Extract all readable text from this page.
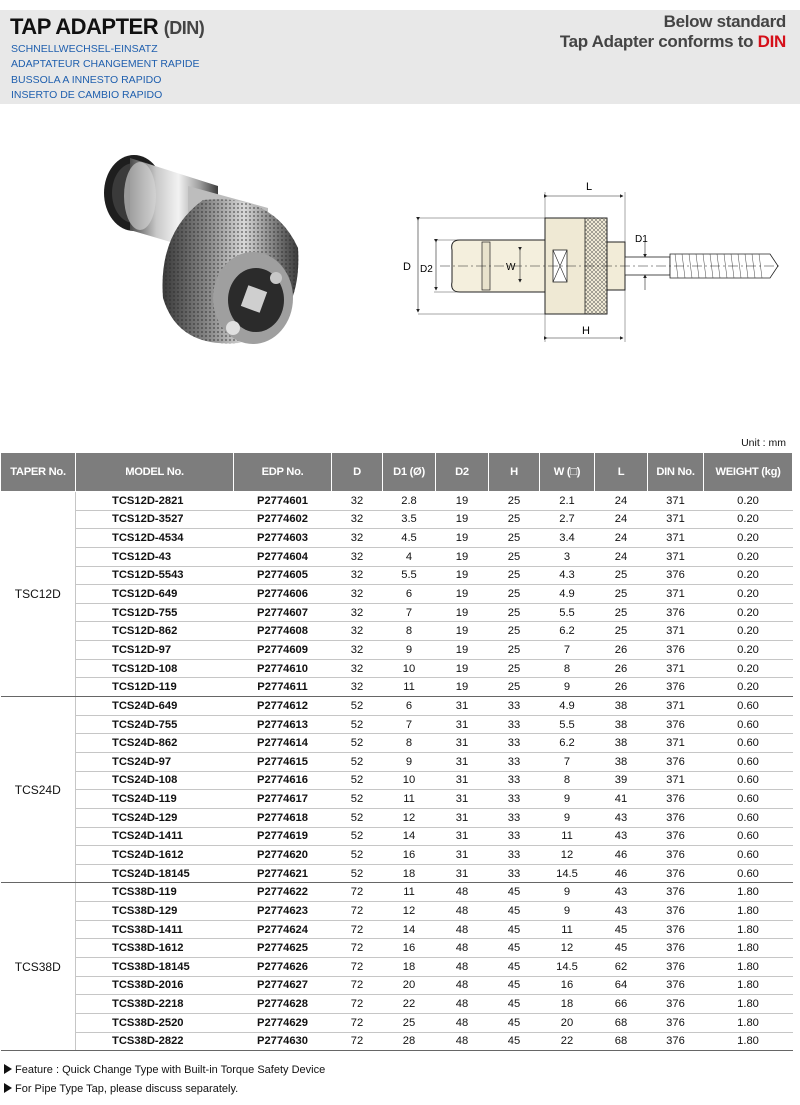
TAP ADAPTER (DIN)
SCHNELLWECHSEL-EINSATZ
ADAPTATEUR CHANGEMENT RAPIDE
BUSSOLA A INNESTO RAPIDO
INSERTO DE CAMBIO RAPIDO
Below standard
Tap Adapter conforms to DIN
D D2	W
L
D1
H
Unit : mm
TAPER No.	MODEL No.	EDP No.	D	D1 (Ø)	D2	H	W (□)	L	DIN No.	WEIGHT (kg)
TSC12D	TCS12D-2821	P2774601	32	2.8	19	25	2.1	24	371	0.20
	TCS12D-3527	P2774602	32	3.5	19	25	2.7	24	371	0.20
	TCS12D-4534	P2774603	32	4.5	19	25	3.4	24	371	0.20
	TCS12D-43	P2774604	32	4	19	25	3	24	371	0.20
	TCS12D-5543	P2774605	32	5.5	19	25	4.3	25	376	0.20
	TCS12D-649	P2774606	32	6	19	25	4.9	25	371	0.20
	TCS12D-755	P2774607	32	7	19	25	5.5	25	376	0.20
	TCS12D-862	P2774608	32	8	19	25	6.2	25	371	0.20
	TCS12D-97	P2774609	32	9	19	25	7	26	376	0.20
	TCS12D-108	P2774610	32	10	19	25	8	26	371	0.20
	TCS12D-119	P2774611	32	11	19	25	9	26	376	0.20
TCS24D	TCS24D-649	P2774612	52	6	31	33	4.9	38	371	0.60
	TCS24D-755	P2774613	52	7	31	33	5.5	38	376	0.60
	TCS24D-862	P2774614	52	8	31	33	6.2	38	371	0.60
	TCS24D-97	P2774615	52	9	31	33	7	38	376	0.60
	TCS24D-108	P2774616	52	10	31	33	8	39	371	0.60
	TCS24D-119	P2774617	52	11	31	33	9	41	376	0.60
	TCS24D-129	P2774618	52	12	31	33	9	43	376	0.60
	TCS24D-1411	P2774619	52	14	31	33	11	43	376	0.60
	TCS24D-1612	P2774620	52	16	31	33	12	46	376	0.60
	TCS24D-18145	P2774621	52	18	31	33	14.5	46	376	0.60
TCS38D	TCS38D-119	P2774622	72	11	48	45	9	43	376	1.80
	TCS38D-129	P2774623	72	12	48	45	9	43	376	1.80
	TCS38D-1411	P2774624	72	14	48	45	11	45	376	1.80
	TCS38D-1612	P2774625	72	16	48	45	12	45	376	1.80
	TCS38D-18145	P2774626	72	18	48	45	14.5	62	376	1.80
	TCS38D-2016	P2774627	72	20	48	45	16	64	376	1.80
	TCS38D-2218	P2774628	72	22	48	45	18	66	376	1.80
	TCS38D-2520	P2774629	72	25	48	45	20	68	376	1.80
	TCS38D-2822	P2774630	72	28	48	45	22	68	376	1.80
Feature : Quick Change Type with Built-in Torque Safety Device
For Pipe Type Tap, please discuss separately.
